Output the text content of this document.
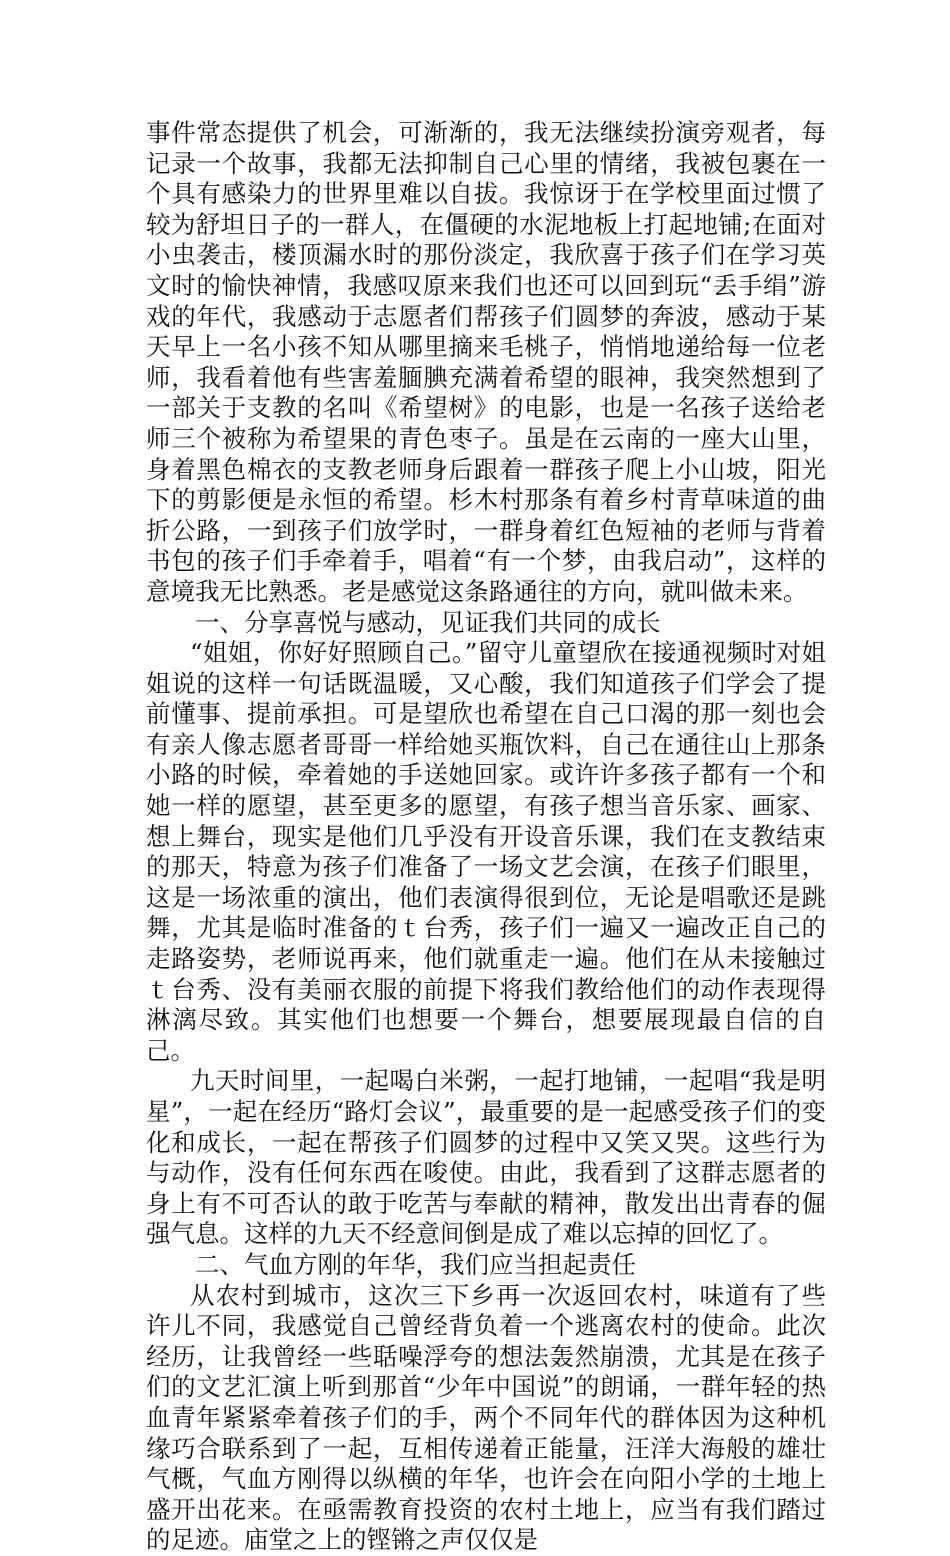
事件常态提供了机会，可渐渐的，我无法继续扮演旁观者，每记录一个故事，我都无法抑制自己心里的情绪，我被包裹在一个具有感染力的世界里难以自拔。我惊讶于在学校里面过惯了较为舒坦日子的一群人，在僵硬的水泥地板上打起地铺;在面对小虫袭击，楼顶漏水时的那份淡定，我欣喜于孩子们在学习英文时的愉快神情，我感叹原来我们也还可以回到玩“丢手绢”游戏的年代，我感动于志愿者们帮孩子们圆梦的奔波，感动于某天早上一名小孩不知从哪里摘来毛桃子，悄悄地递给每一位老师，我看着他有些害羞腼腆充满着希望的眼神，我突然想到了一部关于支教的名叫《希望树》的电影，也是一名孩子送给老师三个被称为希望果的青色枣子。虽是在云南的一座大山里，身着黑色棉衣的支教老师身后跟着一群孩子爬上小山坡，阳光下的剪影便是永恒的希望。杉木村那条有着乡村青草味道的曲折公路，一到孩子们放学时，一群身着红色短袖的老师与背着书包的孩子们手牵着手，唱着“有一个梦，由我启动”，这样的意境我无比熟悉。老是感觉这条路通往的方向，就叫做未来。

一、分享喜悦与感动，见证我们共同的成长

“姐姐，你好好照顾自己。”留守儿童望欣在接通视频时对姐姐说的这样一句话既温暖，又心酸，我们知道孩子们学会了提前懂事、提前承担。可是望欣也希望在自己口渴的那一刻也会有亲人像志愿者哥哥一样给她买瓶饮料，自己在通往山上那条小路的时候，牵着她的手送她回家。或许许多孩子都有一个和她一样的愿望，甚至更多的愿望，有孩子想当音乐家、画家、想上舞台，现实是他们几乎没有开设音乐课，我们在支教结束的那天，特意为孩子们准备了一场文艺会演，在孩子们眼里，这是一场浓重的演出，他们表演得很到位，无论是唱歌还是跳舞，尤其是临时准备的ｔ台秀，孩子们一遍又一遍改正自己的走路姿势，老师说再来，他们就重走一遍。他们在从未接触过ｔ台秀、没有美丽衣服的前提下将我们教给他们的动作表现得淋漓尽致。其实他们也想要一个舞台，想要展现最自信的自己。

九天时间里，一起喝白米粥，一起打地铺，一起唱“我是明星”，一起在经历“路灯会议”，最重要的是一起感受孩子们的变化和成长，一起在帮孩子们圆梦的过程中又笑又哭。这些行为与动作，没有任何东西在唆使。由此，我看到了这群志愿者的身上有不可否认的敢于吃苦与奉献的精神，散发出出青春的倔强气息。这样的九天不经意间倒是成了难以忘掉的回忆了。

二、气血方刚的年华，我们应当担起责任

从农村到城市，这次三下乡再一次返回农村，味道有了些许儿不同，我感觉自己曾经背负着一个逃离农村的使命。此次经历，让我曾经一些聒噪浮夸的想法轰然崩溃，尤其是在孩子们的文艺汇演上听到那首“少年中国说”的朗诵，一群年轻的热血青年紧紧牵着孩子们的手，两个不同年代的群体因为这种机缘巧合联系到了一起，互相传递着正能量，汪洋大海般的雄壮气概，气血方刚得以纵横的年华，也许会在向阳小学的土地上盛开出花来。在亟需教育投资的农村土地上，应当有我们踏过的足迹。庙堂之上的铿锵之声仅仅是
